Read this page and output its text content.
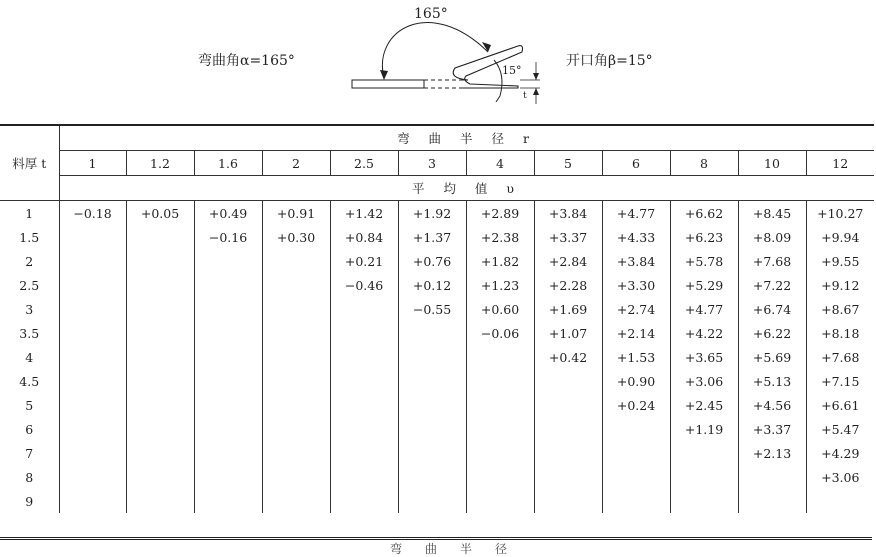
弯曲角α=165°	开口角β=15°
165°
15°
t
料厚 t	弯 曲 半 径 r											
	1	1.2	1.6	2	2.5	3	4	5	6	8	10	12
	平 均 值 υ											
1	−0.18	+0.05	+0.49	+0.91	+1.42	+1.92	+2.89	+3.84	+4.77	+6.62	+8.45	+10.27
1.5			−0.16	+0.30	+0.84	+1.37	+2.38	+3.37	+4.33	+6.23	+8.09	+9.94
2					+0.21	+0.76	+1.82	+2.84	+3.84	+5.78	+7.68	+9.55
2.5					−0.46	+0.12	+1.23	+2.28	+3.30	+5.29	+7.22	+9.12
3						−0.55	+0.60	+1.69	+2.74	+4.77	+6.74	+8.67
3.5							−0.06	+1.07	+2.14	+4.22	+6.22	+8.18
4								+0.42	+1.53	+3.65	+5.69	+7.68
4.5									+0.90	+3.06	+5.13	+7.15
5									+0.24	+2.45	+4.56	+6.61
6										+1.19	+3.37	+5.47
7											+2.13	+4.29
8												+3.06
9												
弯 曲 半 径
